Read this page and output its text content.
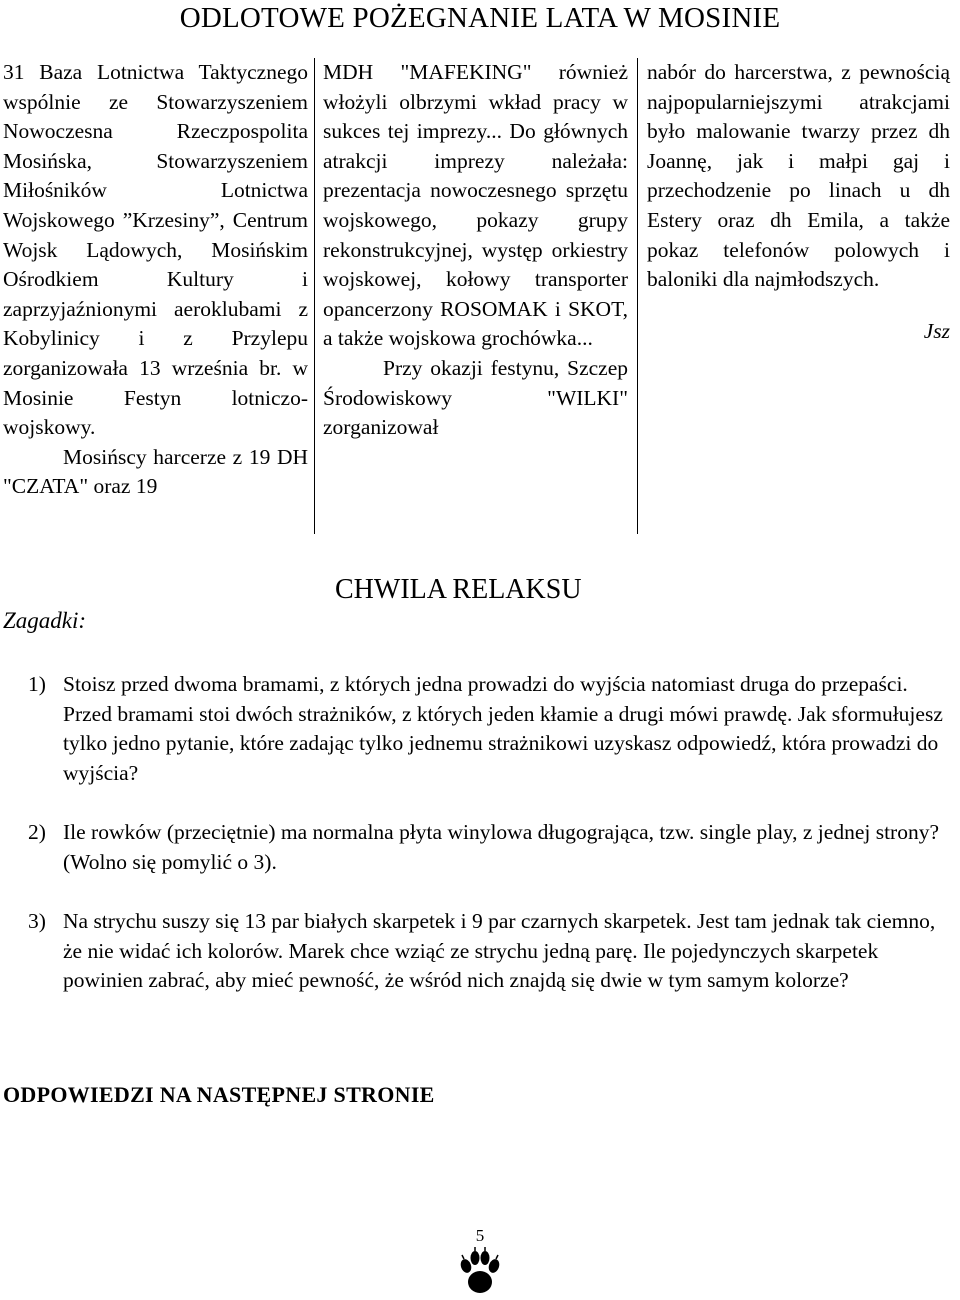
ODLOTOWE POŻEGNANIE LATA W MOSINIE

31 Baza Lotnictwa Taktycznego wspólnie ze Stowarzyszeniem Nowoczesna Rzeczpospolita Mosińska, Stowarzyszeniem Miłośników Lotnictwa Wojskowego ”Krzesiny”, Centrum Wojsk Lądowych, Mosińskim Ośrodkiem Kultury i zaprzyjaźnionymi aeroklubami z Kobylinicy i z Przylepu zorganizowała 13 września br. w Mosinie Festyn lotniczo-wojskowy.

Mosińscy harcerze z 19 DH "CZATA" oraz 19

MDH "MAFEKING" również włożyli olbrzymi wkład pracy w sukces tej imprezy... Do głównych atrakcji imprezy należała: prezentacja nowoczesnego sprzętu wojskowego, pokazy grupy rekonstrukcyjnej, występ orkiestry wojskowej, kołowy transporter opancerzony ROSOMAK i SKOT, a także wojskowa grochówka...

Przy okazji festynu, Szczep Środowiskowy "WILKI" zorganizował

nabór do harcerstwa, z pewnością najpopularniejszymi atrakcjami było malowanie twarzy przez dh Joannę, jak i małpi gaj i przechodzenie po linach u dh Estery oraz dh Emila, a także pokaz telefonów polowych i baloniki dla najmłodszych.

Jsz

CHWILA RELAKSU
Zagadki:
1) Stoisz przed dwoma bramami, z których jedna prowadzi do wyjścia natomiast druga do przepaści. Przed bramami stoi dwóch strażników, z których jeden kłamie a drugi mówi prawdę. Jak sformułujesz tylko jedno pytanie, które zadając tylko jednemu strażnikowi uzyskasz odpowiedź, która prowadzi do wyjścia?
2) Ile rowków (przeciętnie) ma normalna płyta winylowa długogrająca, tzw. single play, z jednej strony? (Wolno się pomylić o 3).
3) Na strychu suszy się 13 par białych skarpetek i 9 par czarnych skarpetek. Jest tam jednak tak ciemno, że nie widać ich kolorów. Marek chce wziąć ze strychu jedną parę. Ile pojedynczych skarpetek powinien zabrać, aby mieć pewność, że wśród nich znajdą się dwie w tym samym kolorze?
ODPOWIEDZI NA NASTĘPNEJ STRONIE
5
